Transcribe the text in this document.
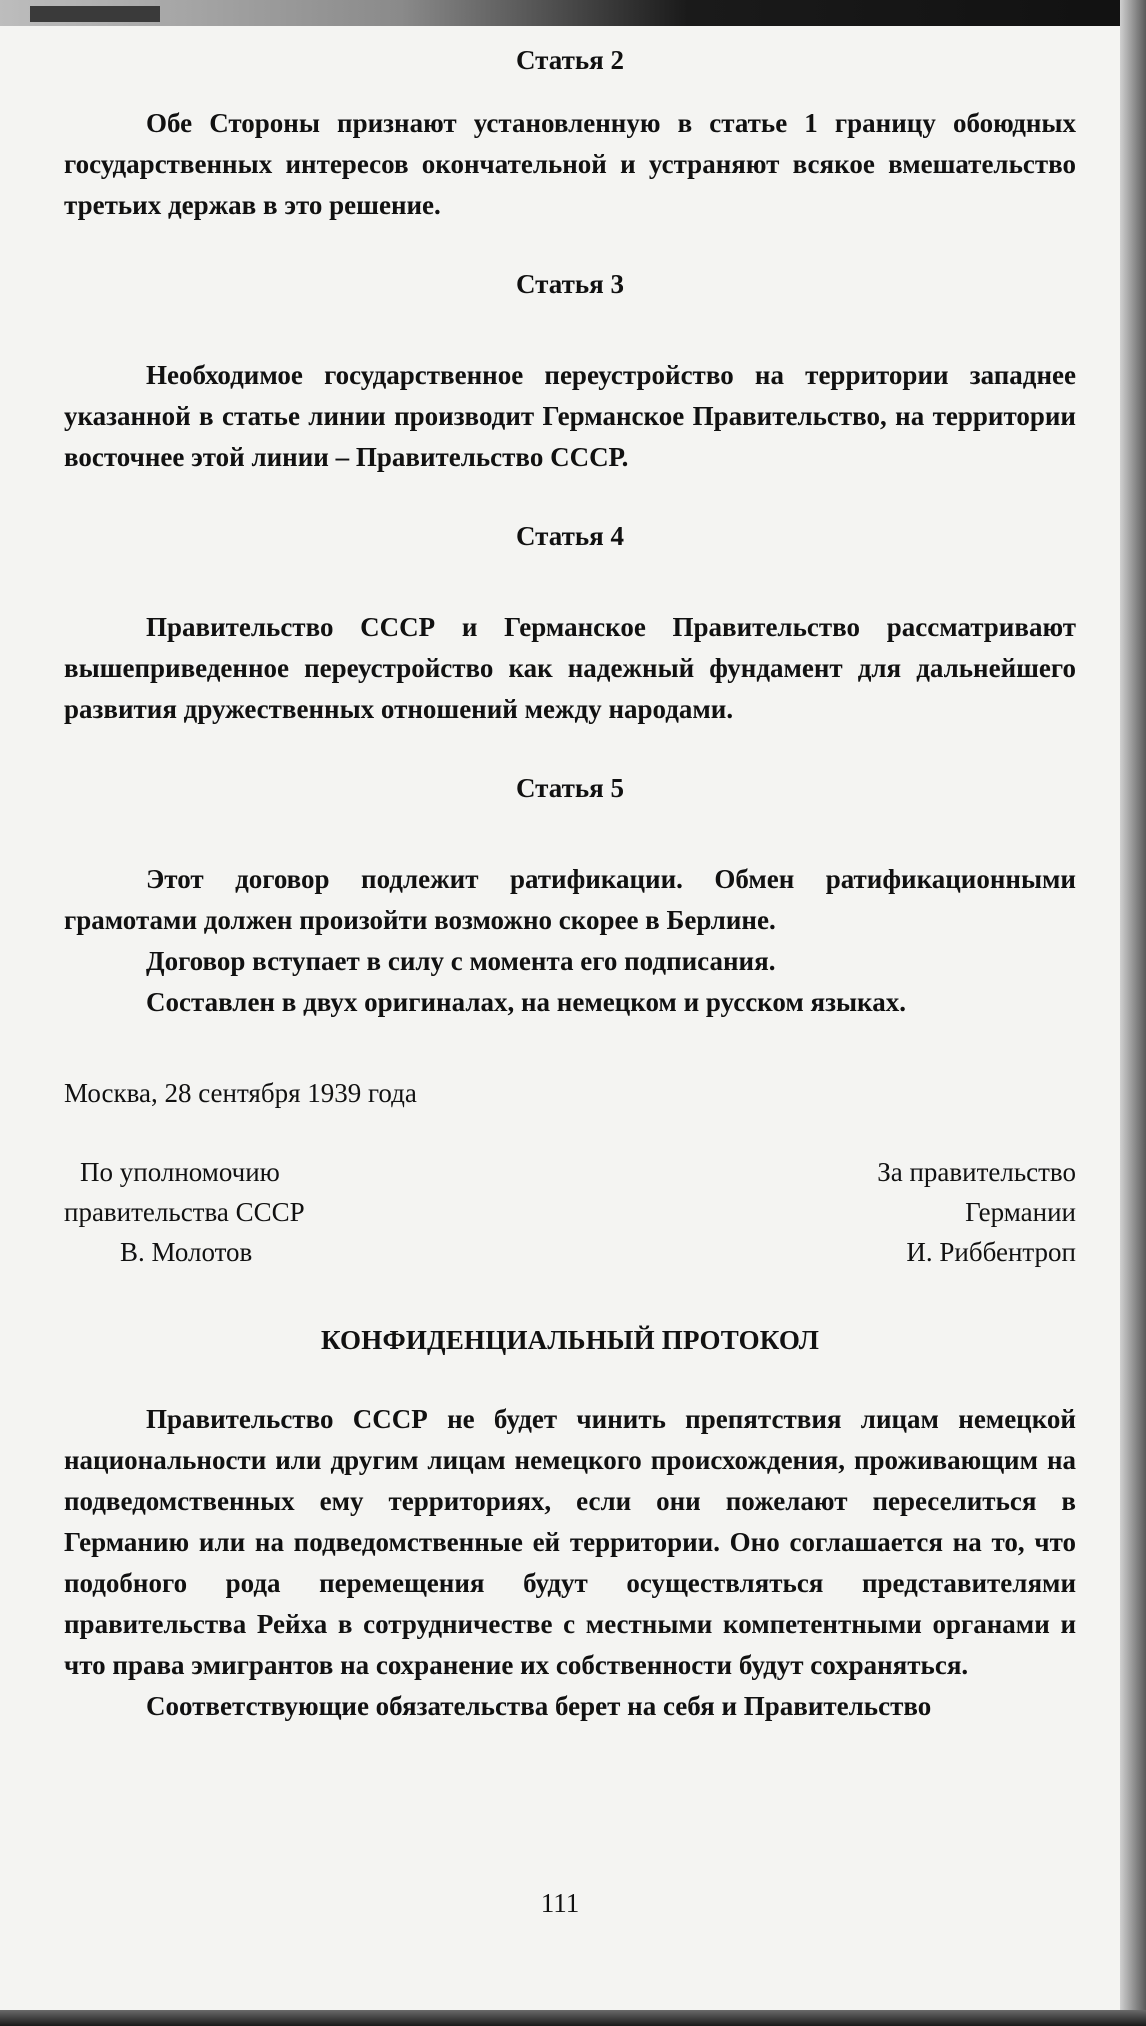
Статья 2

Обе Стороны признают установленную в статье 1 границу обоюдных государственных интересов окончательной и устраняют всякое вмешательство третьих держав в это решение.

Статья 3

Необходимое государственное переустройство на территории западнее указанной в статье линии производит Германское Правительство, на территории восточнее этой линии – Правительство СССР.

Статья 4

Правительство СССР и Германское Правительство рассматривают вышеприведенное переустройство как надежный фундамент для дальнейшего развития дружественных отношений между народами.

Статья 5

Этот договор подлежит ратификации. Обмен ратификационными грамотами должен произойти возможно скорее в Берлине.

Договор вступает в силу с момента его подписания.

Составлен в двух оригиналах, на немецком и русском языках.

Москва, 28 сентября 1939 года

По уполномочию
правительства СССР
В. Молотов
За правительство
Германии
И. Риббентроп

КОНФИДЕНЦИАЛЬНЫЙ ПРОТОКОЛ

Правительство СССР не будет чинить препятствия лицам немецкой национальности или другим лицам немецкого происхождения, проживающим на подведомственных ему территориях, если они пожелают переселиться в Германию или на подведомственные ей территории. Оно соглашается на то, что подобного рода перемещения будут осуществляться представителями правительства Рейха в сотрудничестве с местными компетентными органами и что права эмигрантов на сохранение их собственности будут сохраняться.

Соответствующие обязательства берет на себя и Правительство

111
